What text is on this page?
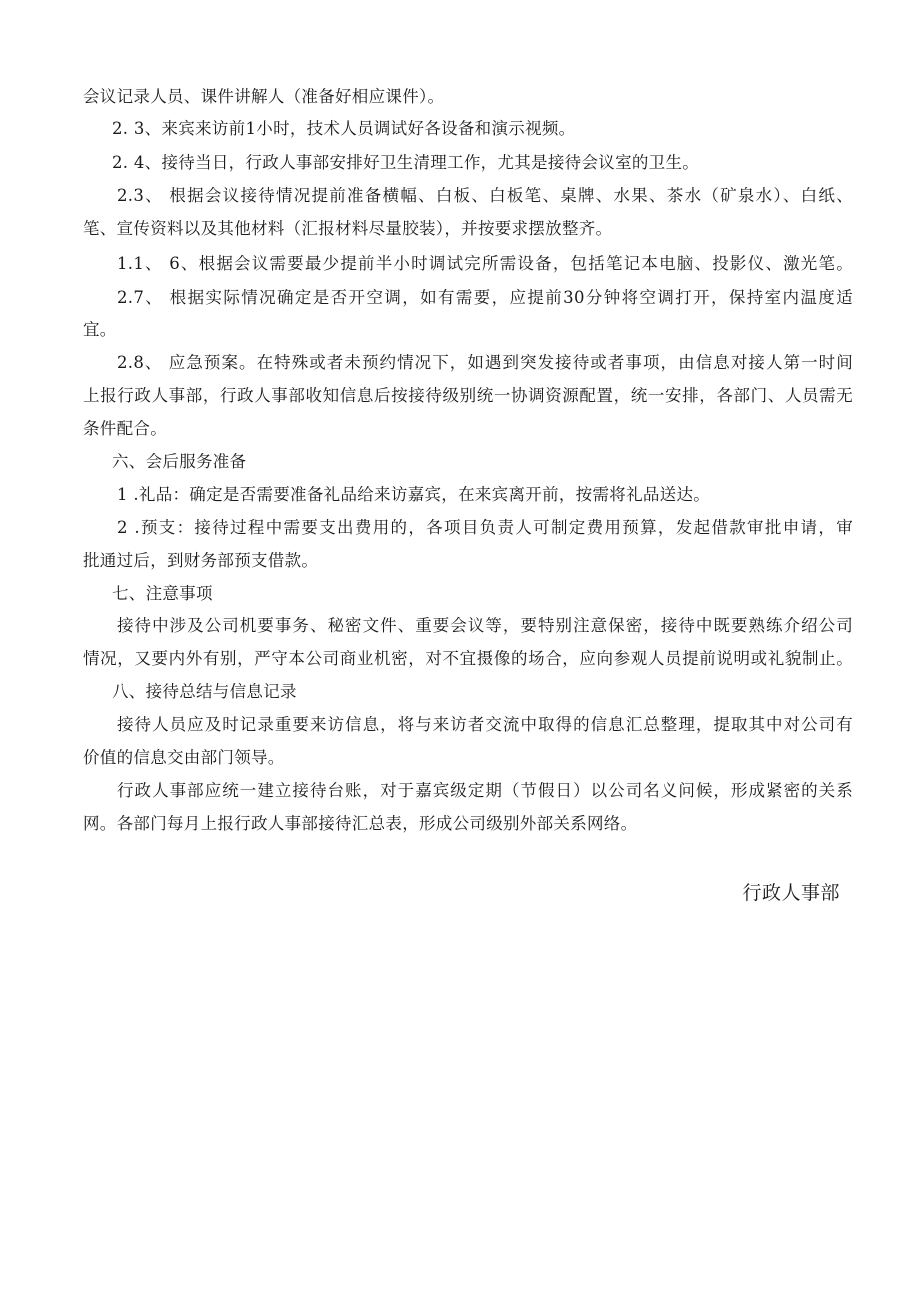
会议记录人员、课件讲解人（准备好相应课件）。
2. 3、来宾来访前1小时，技术人员调试好各设备和演示视频。
2. 4、接待当日，行政人事部安排好卫生清理工作，尤其是接待会议室的卫生。
2.3、 根据会议接待情况提前准备横幅、白板、白板笔、桌牌、水果、茶水（矿泉水）、白纸、
笔、宣传资料以及其他材料（汇报材料尽量胶装），并按要求摆放整齐。
1.1、 6、根据会议需要最少提前半小时调试完所需设备，包括笔记本电脑、投影仪、激光笔。
2.7、 根据实际情况确定是否开空调，如有需要，应提前30分钟将空调打开，保持室内温度适
宜。
2.8、 应急预案。在特殊或者未预约情况下，如遇到突发接待或者事项，由信息对接人第一时间
上报行政人事部，行政人事部收知信息后按接待级别统一协调资源配置，统一安排，各部门、人员需无
条件配合。
六、会后服务准备
1 .礼品：确定是否需要准备礼品给来访嘉宾，在来宾离开前，按需将礼品送达。
2 .预支：接待过程中需要支出费用的，各项目负责人可制定费用预算，发起借款审批申请，审
批通过后，到财务部预支借款。
七、注意事项
接待中涉及公司机要事务、秘密文件、重要会议等，要特别注意保密，接待中既要熟练介绍公司
情况，又要内外有别，严守本公司商业机密，对不宜摄像的场合，应向参观人员提前说明或礼貌制止。
八、接待总结与信息记录
接待人员应及时记录重要来访信息，将与来访者交流中取得的信息汇总整理，提取其中对公司有
价值的信息交由部门领导。
行政人事部应统一建立接待台账，对于嘉宾级定期（节假日）以公司名义问候，形成紧密的关系
网。各部门每月上报行政人事部接待汇总表，形成公司级别外部关系网络。
行政人事部
